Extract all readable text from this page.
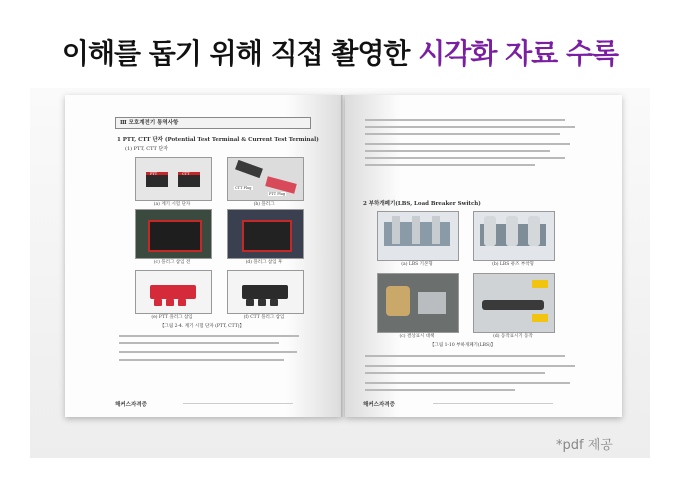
이해를 돕기 위해 직접 촬영한 시각화 자료 수록
Ⅲ 모호계전기 통역사항
1 PTT, CTT 단자 (Potential Test Terminal & Current Test Terminal)
(1) PTT, CTT 단자
PTT	CTT
(a) 계기 시험 단자
CTT Plug
PTT Plug
(b) 플러그
(c) 플러그 삽입 전	(d) 플러그 삽입 후
(e) PTT 플러그 삽입	(f) CTT 플러그 삽입
【그림 2-4. 계기 시험 단자 (PTT, CTT)】
해커스자격증
2 부하개폐기(LBS, Load Breaker Switch)
(a) LBS 기본형	(b) LBS 퓨즈 부착형
(c) 결상표시 대책	(d) 동작표시기 동작
【그림 1-10 부하개폐기(LBS)】
해커스자격증
*pdf 제공
